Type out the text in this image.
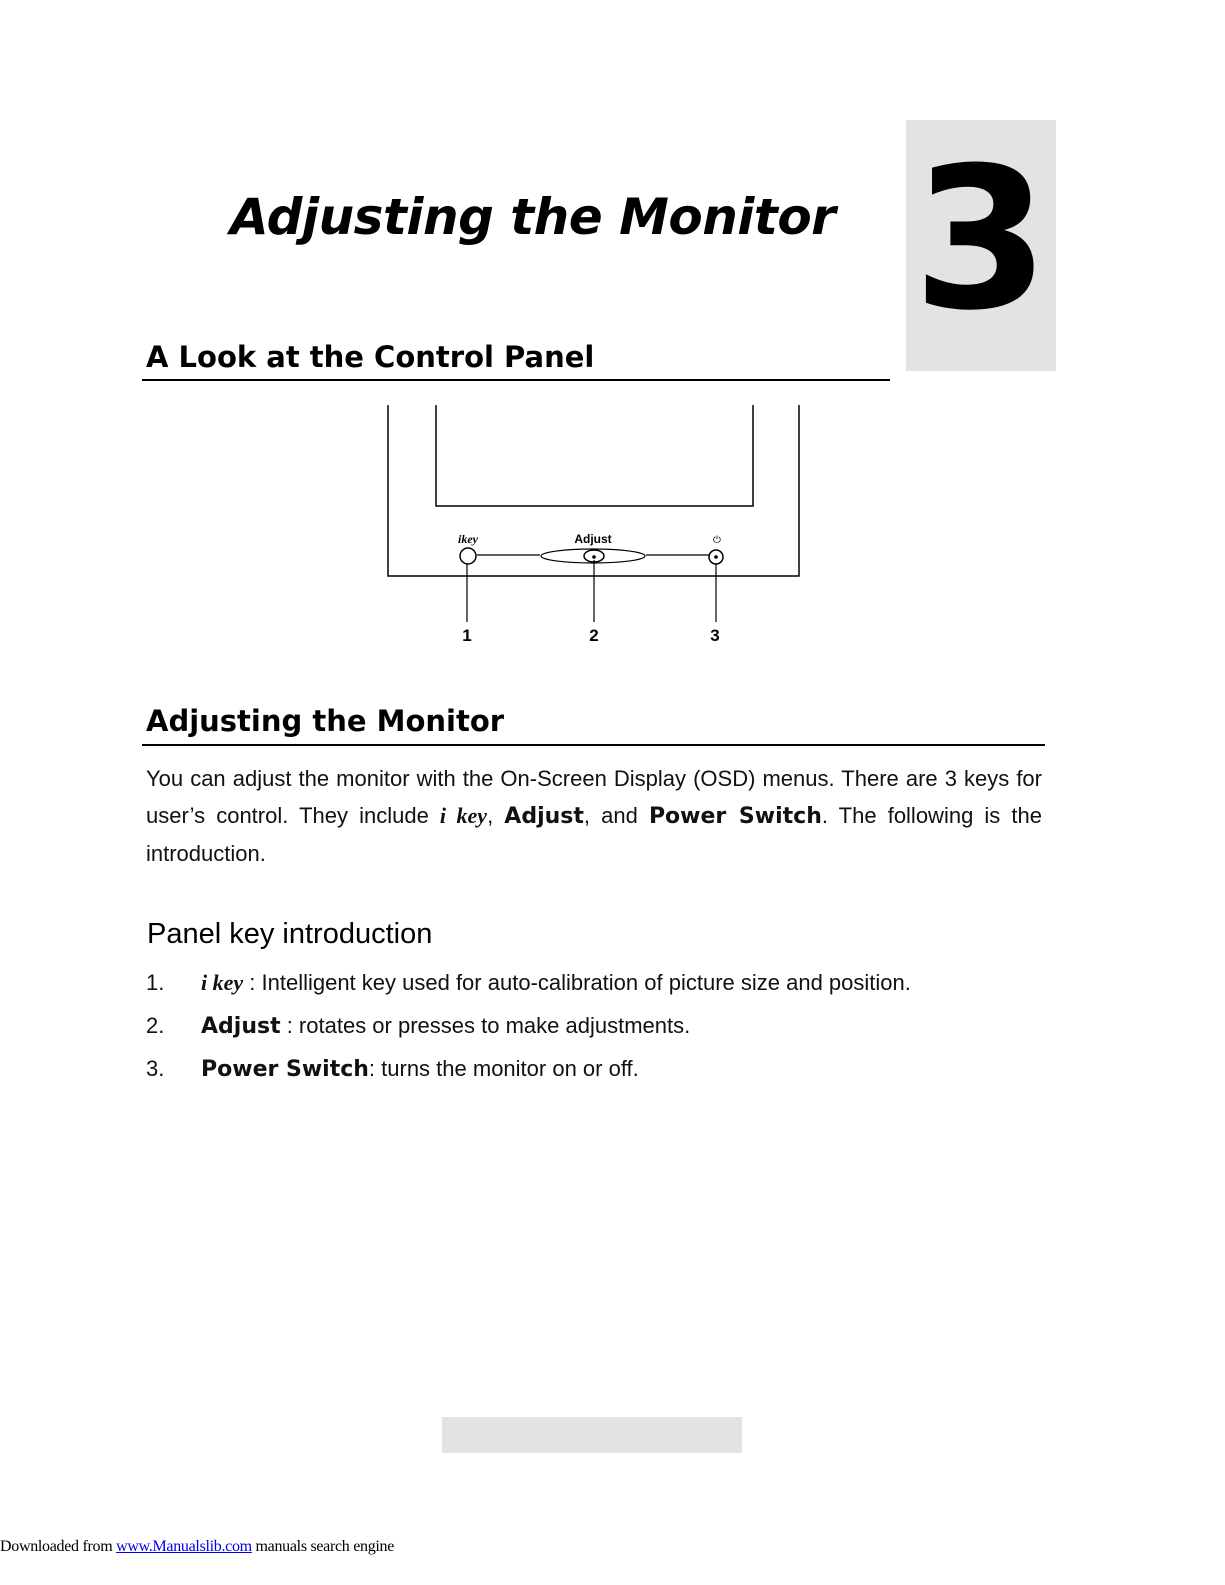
3
Adjusting the Monitor
A Look at the Control Panel
ikey	Adjust	⏻
1	2	3
Adjusting the Monitor
You can adjust the monitor with the On-Screen Display (OSD) menus. There are 3 keys for user’s control. They include i key, Adjust, and Power Switch. The following is the introduction.
Panel key introduction
1. i key : Intelligent key used for auto-calibration of picture size and position.
2. Adjust : rotates or presses to make adjustments.
3. Power Switch: turns the monitor on or off.
Downloaded from www.Manualslib.com manuals search engine
